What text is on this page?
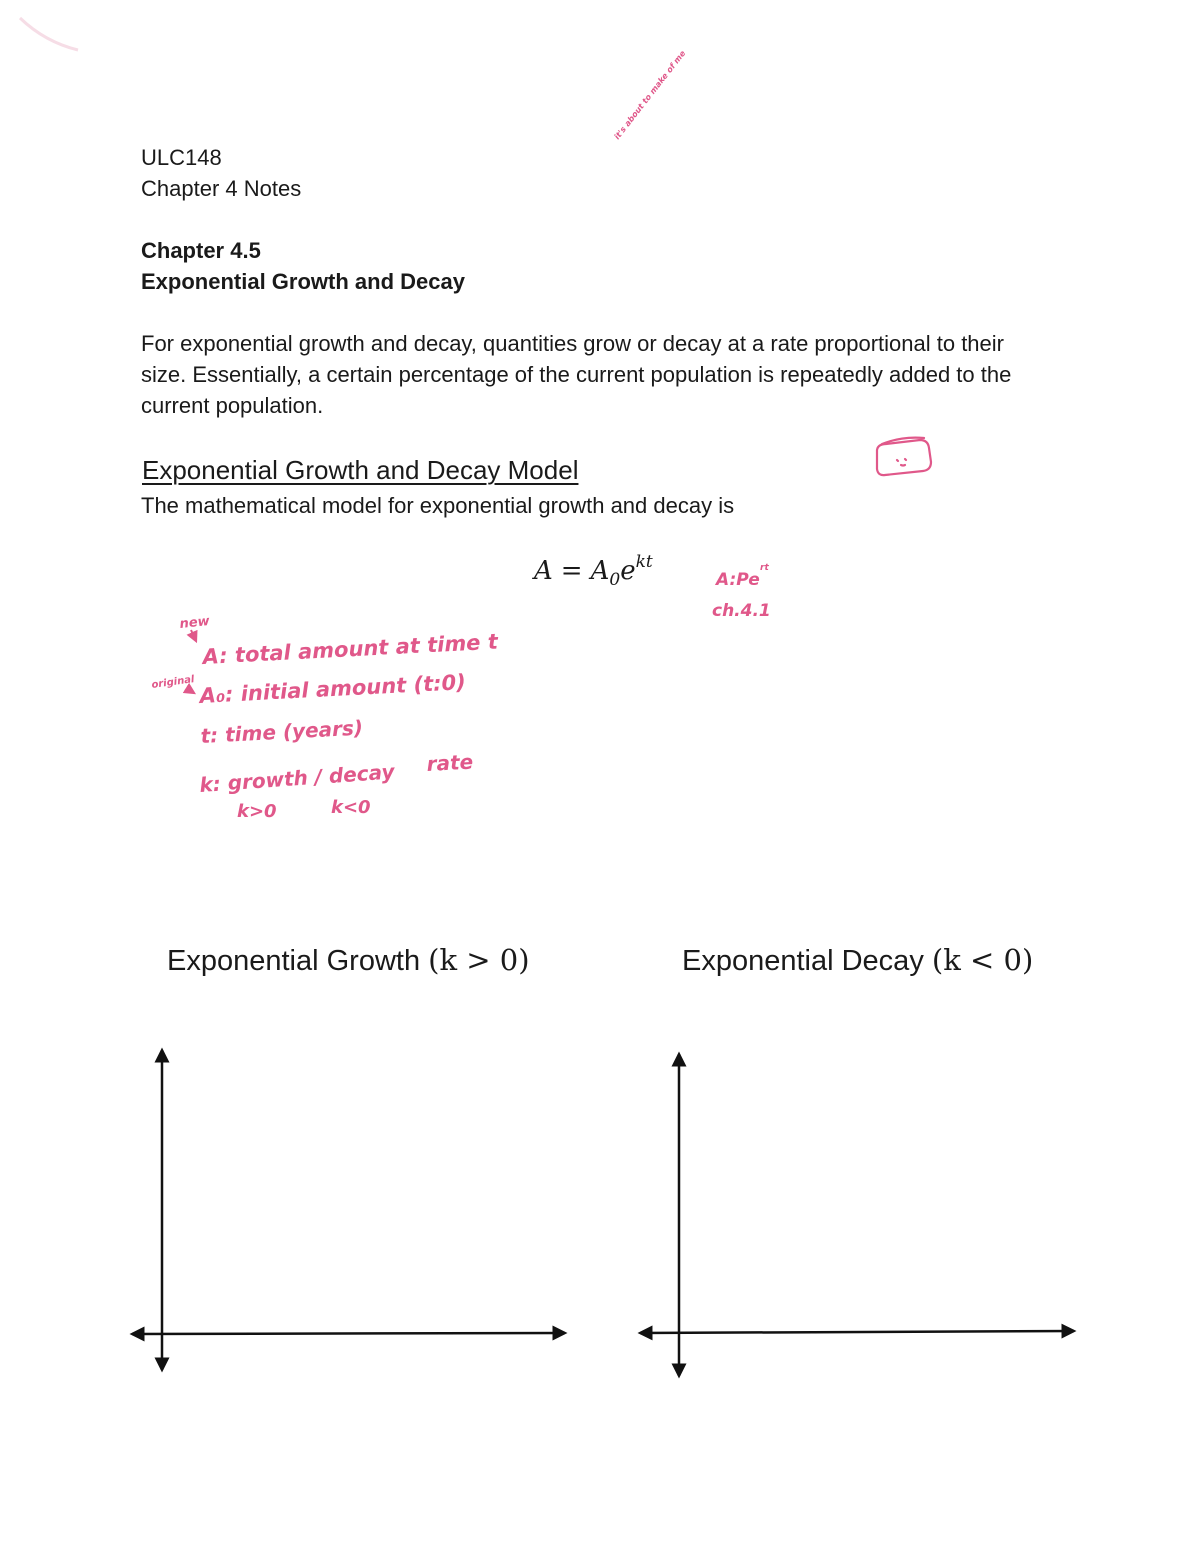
ULC148
Chapter 4 Notes
Chapter 4.5
Exponential Growth and Decay
For exponential growth and decay, quantities grow or decay at a rate proportional to their size. Essentially, a certain percentage of the current population is repeatedly added to the current population.
Exponential Growth and Decay Model
The mathematical model for exponential growth and decay is
$A = A_0e^{kt}$
Exponential Growth (k > 0)	Exponential Decay (k < 0)
it's about to make of me
new
A: total amount at time t
original A₀: initial amount (t:0)
t: time (years)
k: growth / decay rate
k>0	k<0
A:Pe
rt
ch.4.1
